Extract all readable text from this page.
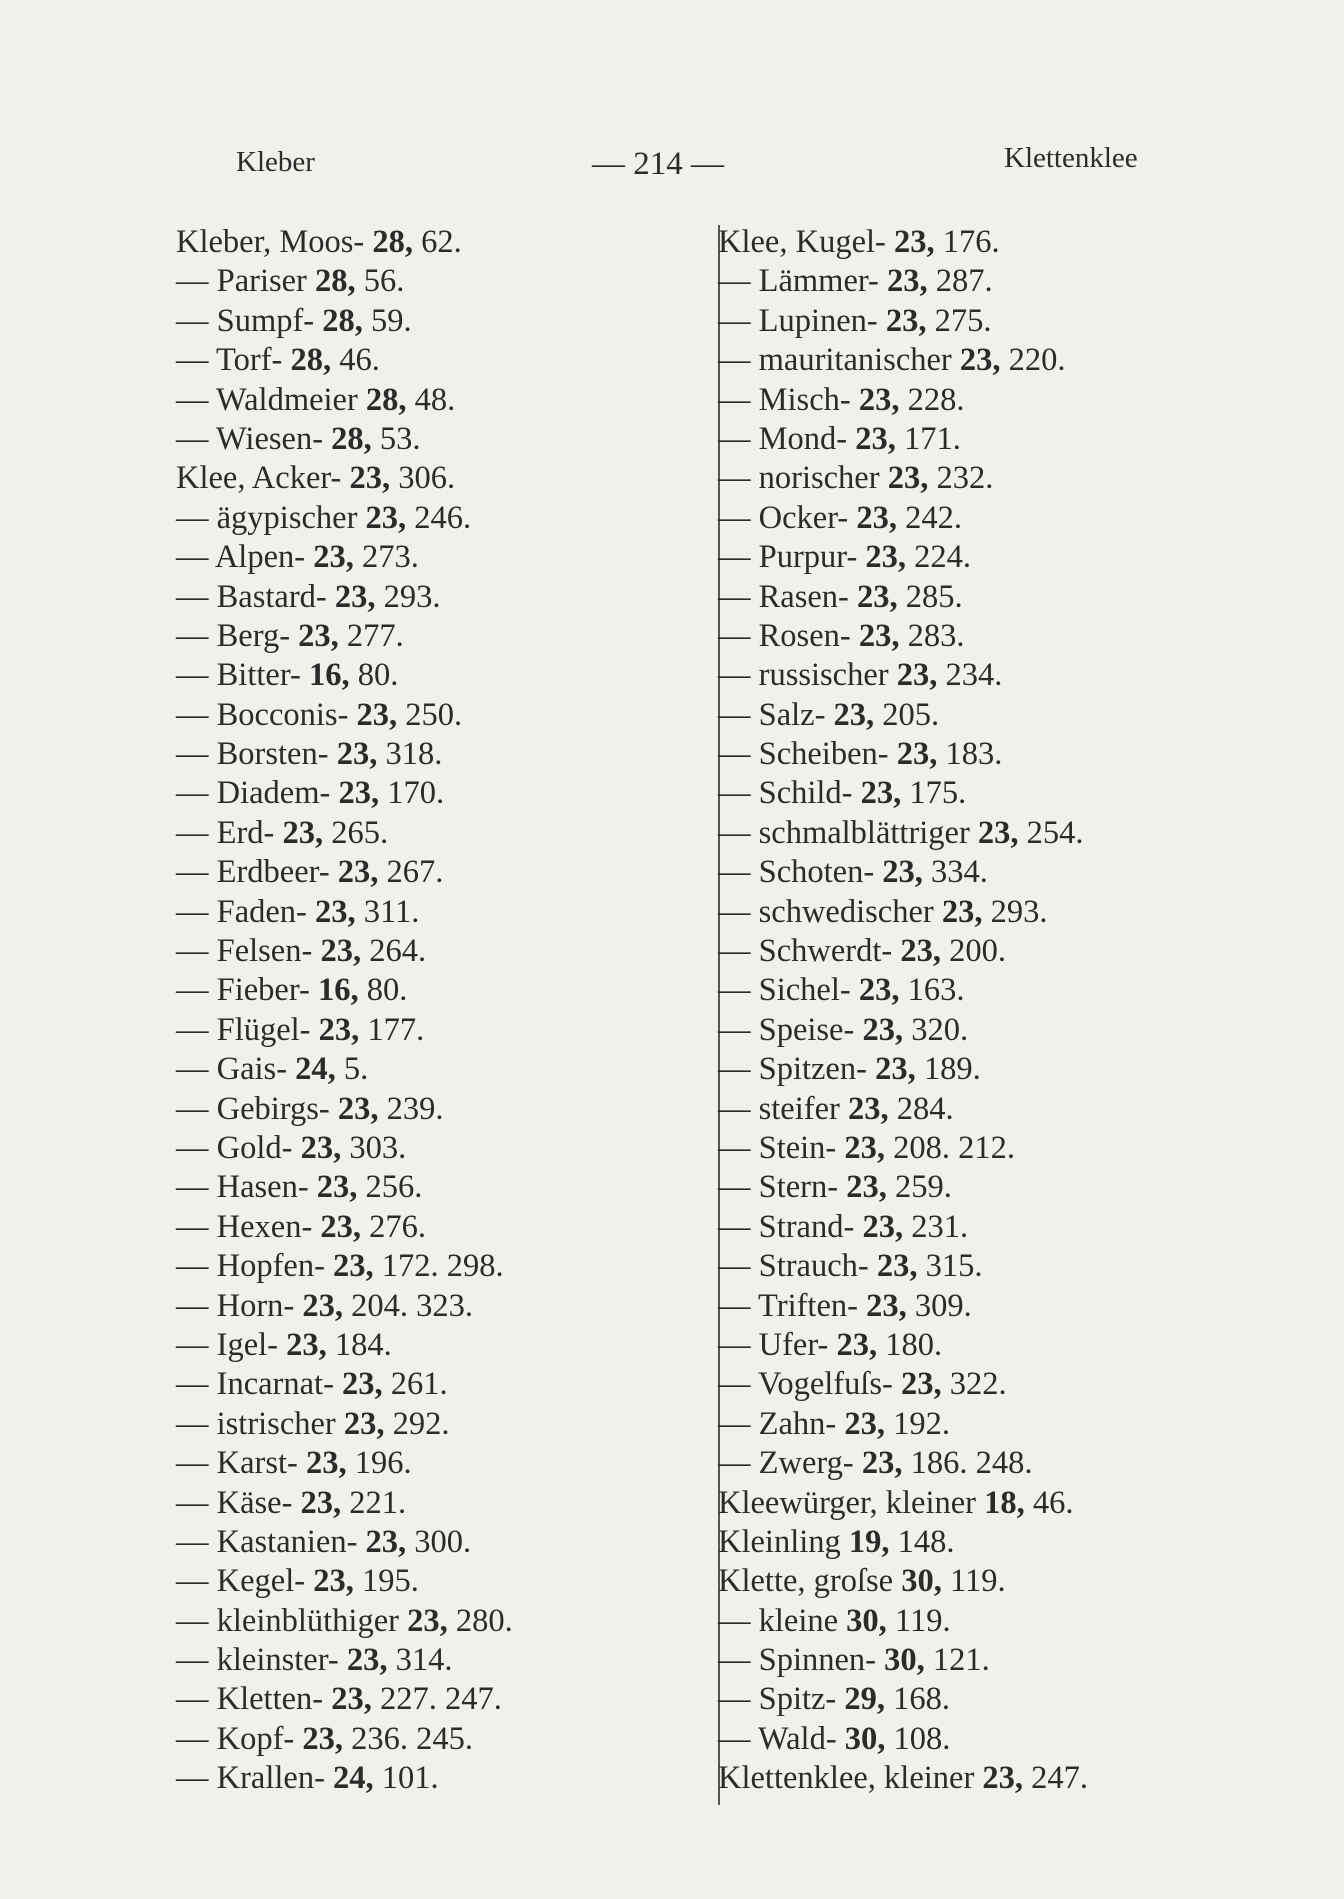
Kleber	— 214 —	Klettenklee
Kleber, Moos- 28, 62.
— Pariser 28, 56.
— Sumpf- 28, 59.
— Torf- 28, 46.
— Waldmeier 28, 48.
— Wiesen- 28, 53.
Klee, Acker- 23, 306.
— ägypischer 23, 246.
— Alpen- 23, 273.
— Bastard- 23, 293.
— Berg- 23, 277.
— Bitter- 16, 80.
— Bocconis- 23, 250.
— Borsten- 23, 318.
— Diadem- 23, 170.
— Erd- 23, 265.
— Erdbeer- 23, 267.
— Faden- 23, 311.
— Felsen- 23, 264.
— Fieber- 16, 80.
— Flügel- 23, 177.
— Gais- 24, 5.
— Gebirgs- 23, 239.
— Gold- 23, 303.
— Hasen- 23, 256.
— Hexen- 23, 276.
— Hopfen- 23, 172. 298.
— Horn- 23, 204. 323.
— Igel- 23, 184.
— Incarnat- 23, 261.
— istrischer 23, 292.
— Karst- 23, 196.
— Käse- 23, 221.
— Kastanien- 23, 300.
— Kegel- 23, 195.
— kleinblüthiger 23, 280.
— kleinster- 23, 314.
— Kletten- 23, 227. 247.
— Kopf- 23, 236. 245.
— Krallen- 24, 101.
Klee, Kugel- 23, 176.
— Lämmer- 23, 287.
— Lupinen- 23, 275.
— mauritanischer 23, 220.
— Misch- 23, 228.
— Mond- 23, 171.
— norischer 23, 232.
— Ocker- 23, 242.
— Purpur- 23, 224.
— Rasen- 23, 285.
— Rosen- 23, 283.
— russischer 23, 234.
— Salz- 23, 205.
— Scheiben- 23, 183.
— Schild- 23, 175.
— schmalblättriger 23, 254.
— Schoten- 23, 334.
— schwedischer 23, 293.
— Schwerdt- 23, 200.
— Sichel- 23, 163.
— Speise- 23, 320.
— Spitzen- 23, 189.
— steifer 23, 284.
— Stein- 23, 208. 212.
— Stern- 23, 259.
— Strand- 23, 231.
— Strauch- 23, 315.
— Triften- 23, 309.
— Ufer- 23, 180.
— Vogelfuſs- 23, 322.
— Zahn- 23, 192.
— Zwerg- 23, 186. 248.
Kleewürger, kleiner 18, 46.
Kleinling 19, 148.
Klette, groſse 30, 119.
— kleine 30, 119.
— Spinnen- 30, 121.
— Spitz- 29, 168.
— Wald- 30, 108.
Klettenklee, kleiner 23, 247.
